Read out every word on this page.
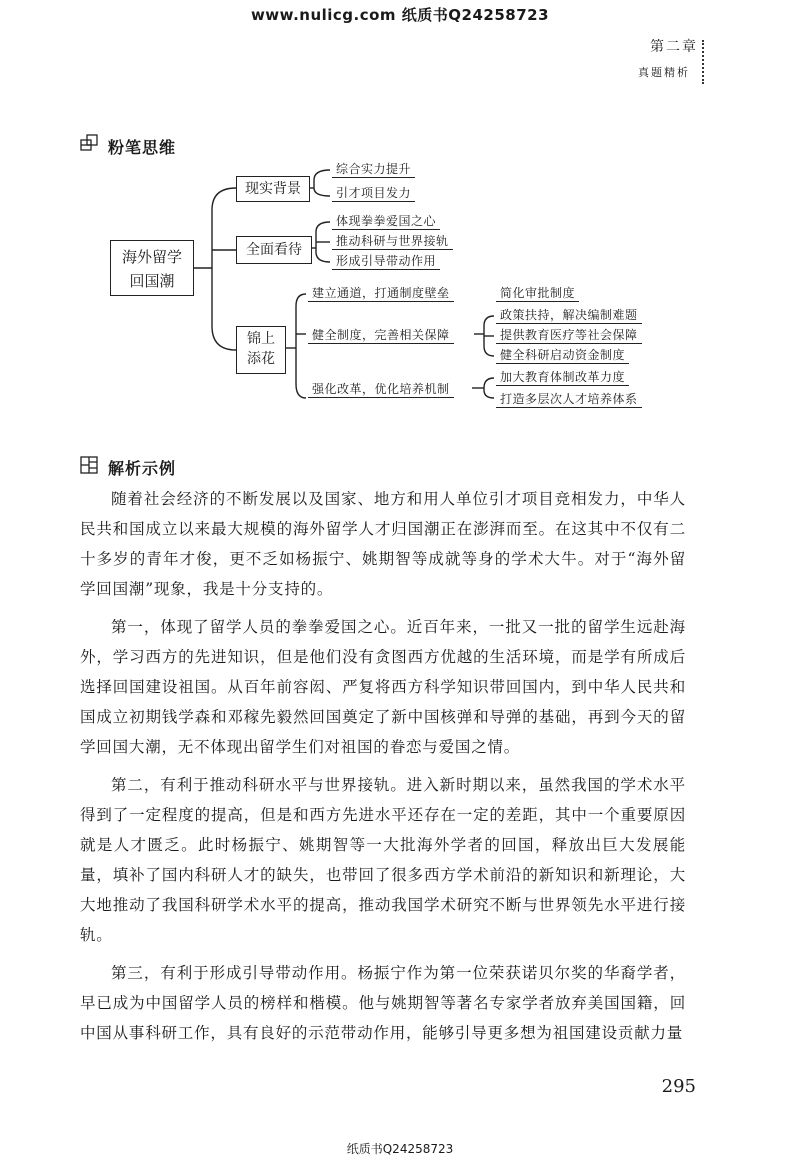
www.nulicg.com 纸质书Q24258723
第二章
真题精析
粉笔思维
海外留学回国潮
现实背景
全面看待
锦上添花
综合实力提升
引才项目发力
体现拳拳爱国之心
推动科研与世界接轨
形成引导带动作用
建立通道，打通制度壁垒	简化审批制度
健全制度，完善相关保障
政策扶持，解决编制难题
提供教育医疗等社会保障
健全科研启动资金制度
强化改革，优化培养机制
加大教育体制改革力度
打造多层次人才培养体系
解析示例

随着社会经济的不断发展以及国家、地方和用人单位引才项目竞相发力，中华人民共和国成立以来最大规模的海外留学人才归国潮正在澎湃而至。在这其中不仅有二十多岁的青年才俊，更不乏如杨振宁、姚期智等成就等身的学术大牛。对于“海外留学回国潮”现象，我是十分支持的。

第一，体现了留学人员的拳拳爱国之心。近百年来，一批又一批的留学生远赴海外，学习西方的先进知识，但是他们没有贪图西方优越的生活环境，而是学有所成后选择回国建设祖国。从百年前容闳、严复将西方科学知识带回国内，到中华人民共和国成立初期钱学森和邓稼先毅然回国奠定了新中国核弹和导弹的基础，再到今天的留学回国大潮，无不体现出留学生们对祖国的眷恋与爱国之情。

第二，有利于推动科研水平与世界接轨。进入新时期以来，虽然我国的学术水平得到了一定程度的提高，但是和西方先进水平还存在一定的差距，其中一个重要原因就是人才匮乏。此时杨振宁、姚期智等一大批海外学者的回国，释放出巨大发展能量，填补了国内科研人才的缺失，也带回了很多西方学术前沿的新知识和新理论，大大地推动了我国科研学术水平的提高，推动我国学术研究不断与世界领先水平进行接轨。

第三，有利于形成引导带动作用。杨振宁作为第一位荣获诺贝尔奖的华裔学者，早已成为中国留学人员的榜样和楷模。他与姚期智等著名专家学者放弃美国国籍，回中国从事科研工作，具有良好的示范带动作用，能够引导更多想为祖国建设贡献力量

295
纸质书Q24258723
